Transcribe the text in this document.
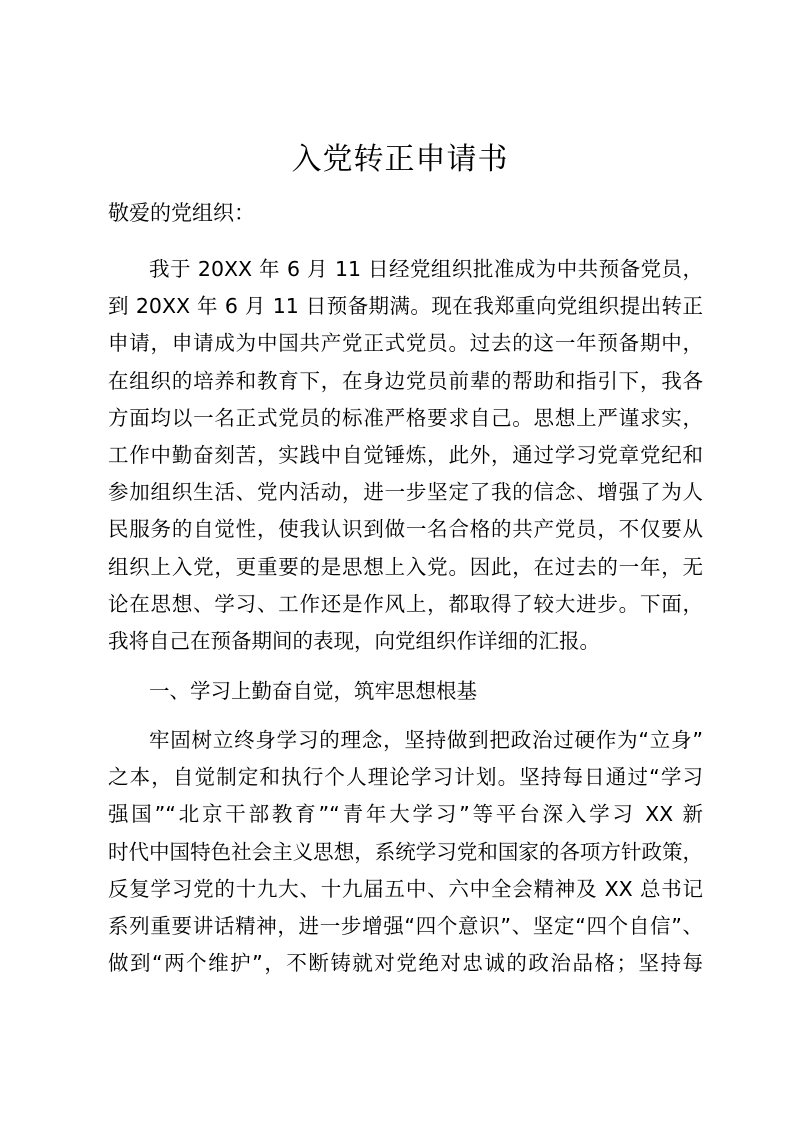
入党转正申请书

敬爱的党组织：

我于 20XX 年 6 月 11 日经党组织批准成为中共预备党员，
到 20XX 年 6 月 11 日预备期满。现在我郑重向党组织提出转正
申请，申请成为中国共产党正式党员。过去的这一年预备期中，
在组织的培养和教育下，在身边党员前辈的帮助和指引下，我各
方面均以一名正式党员的标准严格要求自己。思想上严谨求实，
工作中勤奋刻苦，实践中自觉锤炼，此外，通过学习党章党纪和
参加组织生活、党内活动，进一步坚定了我的信念、增强了为人
民服务的自觉性，使我认识到做一名合格的共产党员，不仅要从
组织上入党，更重要的是思想上入党。因此，在过去的一年，无
论在思想、学习、工作还是作风上，都取得了较大进步。下面，
我将自己在预备期间的表现，向党组织作详细的汇报。
一、学习上勤奋自觉，筑牢思想根基
牢固树立终身学习的理念，坚持做到把政治过硬作为“立身”
之本，自觉制定和执行个人理论学习计划。坚持每日通过“学习
强国”“北京干部教育”“青年大学习”等平台深入学习 XX 新
时代中国特色社会主义思想，系统学习党和国家的各项方针政策，
反复学习党的十九大、十九届五中、六中全会精神及 XX 总书记
系列重要讲话精神，进一步增强“四个意识”、坚定“四个自信”、
做到“两个维护”，不断铸就对党绝对忠诚的政治品格；坚持每
